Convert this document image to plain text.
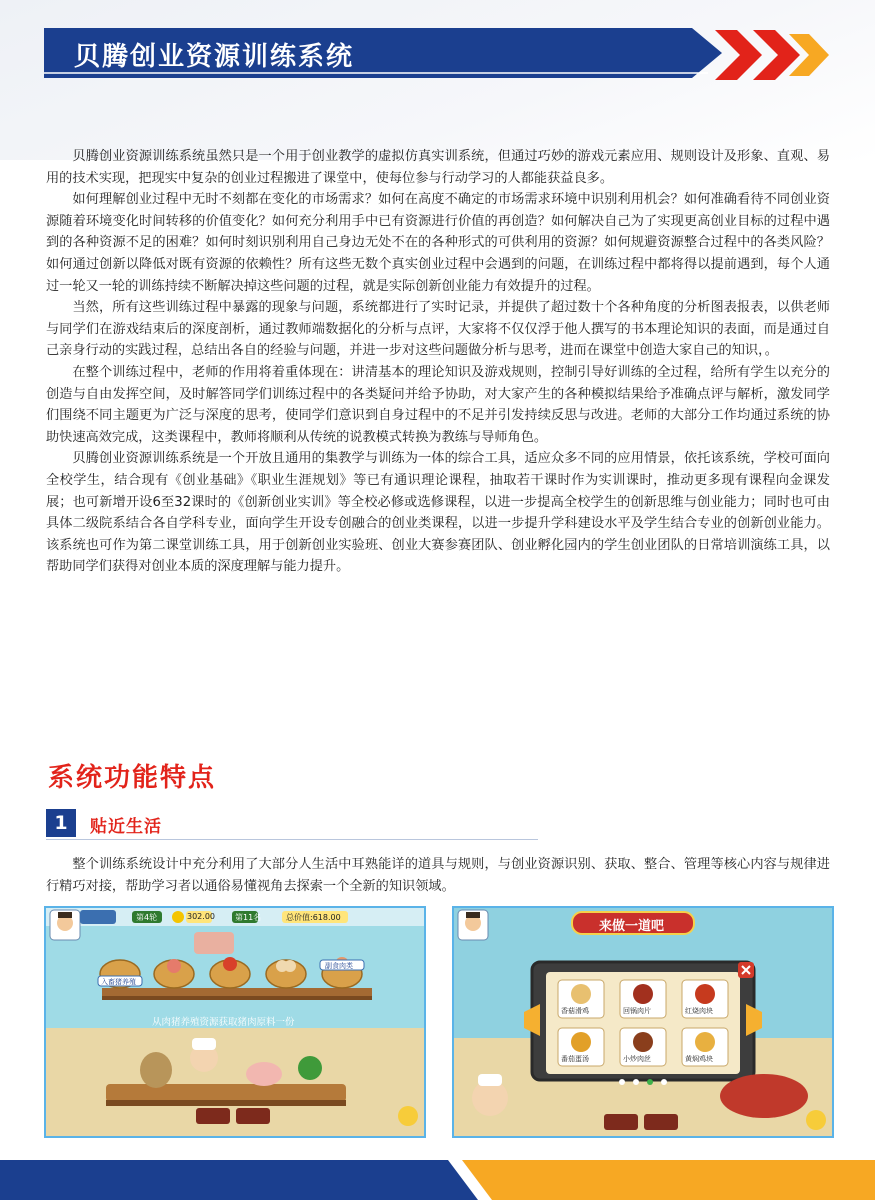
贝腾创业资源训练系统

贝腾创业资源训练系统虽然只是一个用于创业教学的虚拟仿真实训系统，但通过巧妙的游戏元素应用、规则设计及形象、直观、易用的技术实现，把现实中复杂的创业过程搬进了课堂中，使每位参与行动学习的人都能获益良多。

如何理解创业过程中无时不刻都在变化的市场需求？如何在高度不确定的市场需求环境中识别利用机会？如何准确看待不同创业资源随着环境变化时间转移的价值变化？如何充分利用手中已有资源进行价值的再创造？如何解决自己为了实现更高创业目标的过程中遇到的各种资源不足的困难？如何时刻识别利用自己身边无处不在的各种形式的可供利用的资源？如何规避资源整合过程中的各类风险？如何通过创新以降低对既有资源的依赖性？所有这些无数个真实创业过程中会遇到的问题，在训练过程中都将得以提前遇到，每个人通过一轮又一轮的训练持续不断解决掉这些问题的过程，就是实际创新创业能力有效提升的过程。

当然，所有这些训练过程中暴露的现象与问题，系统都进行了实时记录，并提供了超过数十个各种角度的分析图表报表，以供老师与同学们在游戏结束后的深度剖析，通过教师端数据化的分析与点评，大家将不仅仅浮于他人撰写的书本理论知识的表面，而是通过自己亲身行动的实践过程，总结出各自的经验与问题，并进一步对这些问题做分析与思考，进而在课堂中创造大家自己的知识，。

在整个训练过程中，老师的作用将着重体现在：讲清基本的理论知识及游戏规则，控制引导好训练的全过程，给所有学生以充分的创造与自由发挥空间，及时解答同学们训练过程中的各类疑问并给予协助，对大家产生的各种模拟结果给予准确点评与解析，激发同学们围绕不同主题更为广泛与深度的思考，使同学们意识到自身过程中的不足并引发持续反思与改进。老师的大部分工作均通过系统的协助快速高效完成，这类课程中，教师将顺利从传统的说教模式转换为教练与导师角色。

贝腾创业资源训练系统是一个开放且通用的集教学与训练为一体的综合工具，适应众多不同的应用情景，依托该系统，学校可面向全校学生，结合现有《创业基础》《职业生涯规划》等已有通识理论课程，抽取若干课时作为实训课时，推动更多现有课程向金课发展；也可新增开设6至32课时的《创新创业实训》等全校必修或选修课程，以进一步提高全校学生的创新思维与创业能力；同时也可由具体二级院系结合各自学科专业，面向学生开设专创融合的创业类课程，以进一步提升学科建设水平及学生结合专业的创新创业能力。该系统也可作为第二课堂训练工具，用于创新创业实验班、创业大赛参赛团队、创业孵化园内的学生创业团队的日常培训演练工具，以帮助同学们获得对创业本质的深度理解与能力提升。

系统功能特点
1	贴近生活

整个训练系统设计中充分利用了大部分人生活中耳熟能详的道具与规则，与创业资源识别、获取、整合、管理等核心内容与规律进行精巧对接，帮助学习者以通俗易懂视角去探索一个全新的知识领域。

第4轮	302.00	第11名	总价值:618.00
入畜猪养殖
副食肉类
从肉猪养殖资源获取猪肉原料一份
来做一道吧
香菇滑鸡	回锅肉片	红烧肉块
番茄蛋汤	小炒肉丝	黄焖鸡块
